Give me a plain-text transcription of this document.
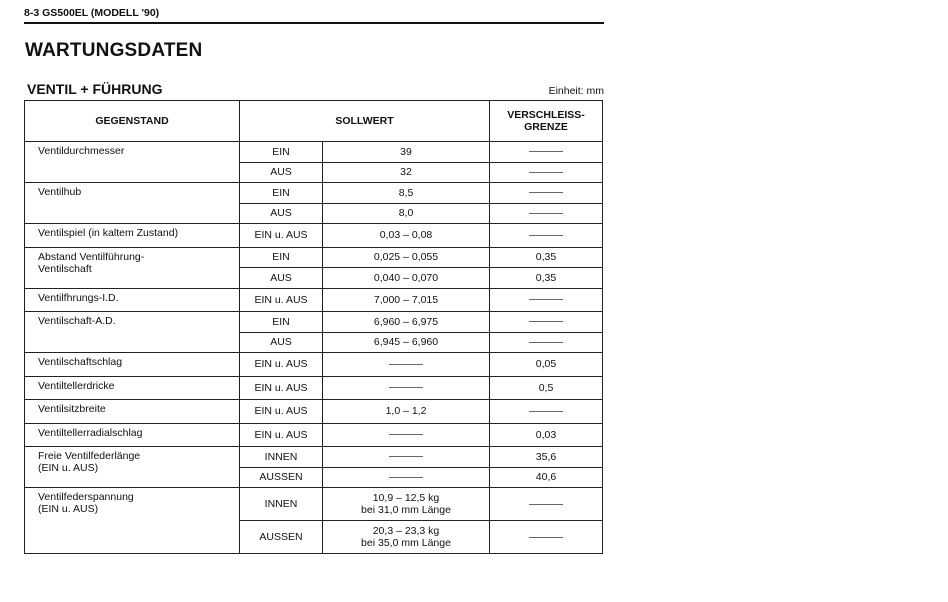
8-3 GS500EL (MODELL '90)
WARTUNGSDATEN
VENTIL + FÜHRUNG	Einheit: mm
GEGENSTAND	SOLLWERT		VERSCHLEISS-
GRENZE

Ventildurchmesser	EIN	39	
	AUS	32	

Ventilhub	EIN	8,5	
	AUS	8,0	

Ventilspiel (in kaltem Zustand)	EIN u. AUS	0,03 – 0,08	

Abstand Ventilführung-
Ventilschaft	EIN	0,025 – 0,055	0,35
	AUS	0,040 – 0,070	0,35

Ventilfhrungs-I.D.	EIN u. AUS	7,000 – 7,015	

Ventilschaft-A.D.	EIN	6,960 – 6,975	
	AUS	6,945 – 6,960	

Ventilschaftschlag	EIN u. AUS		0,05

Ventiltellerdricke	EIN u. AUS		0,5

Ventilsitzbreite	EIN u. AUS	1,0 – 1,2	

Ventiltellerradialschlag	EIN u. AUS		0,03

Freie Ventilfederlänge
(EIN u. AUS)	INNEN		35,6
	AUSSEN		40,6

Ventilfederspannung
(EIN u. AUS)	INNEN	10,9 – 12,5 kg
bei 31,0 mm Länge	

	AUSSEN	20,3 – 23,3 kg
bei 35,0 mm Länge	
